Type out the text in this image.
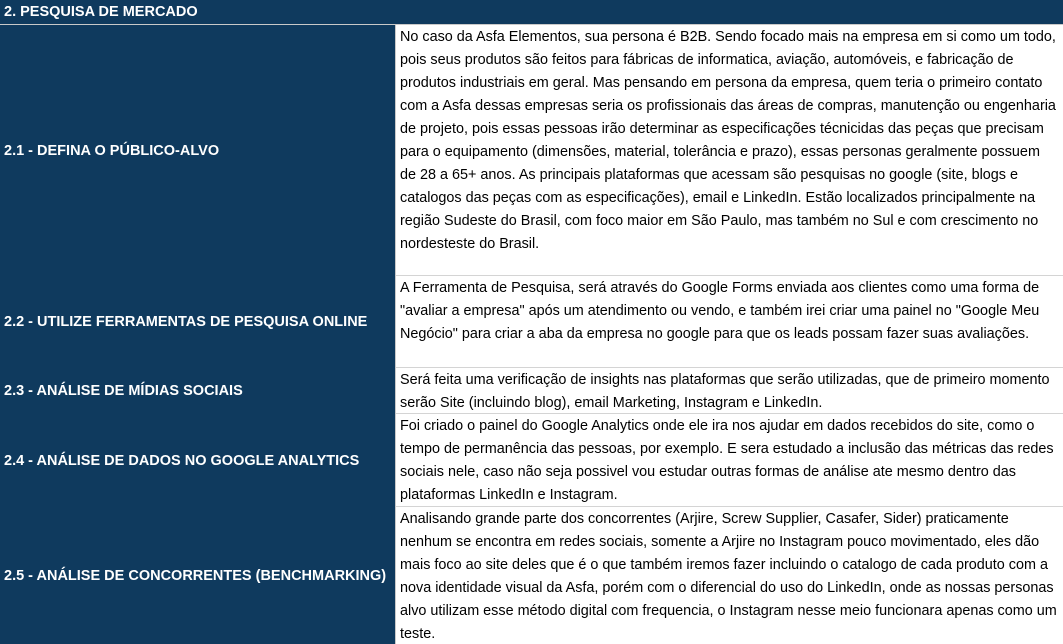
2. PESQUISA DE MERCADO
2.1 - DEFINA O PÚBLICO-ALVO
No caso da Asfa Elementos, sua persona é B2B. Sendo focado mais na empresa em si como um todo, pois seus produtos são feitos para fábricas de informatica, aviação, automóveis, e fabricação de produtos industriais em geral. Mas pensando em persona da empresa, quem teria o primeiro contato com a Asfa dessas empresas seria os profissionais das áreas de compras, manutenção ou engenharia de projeto, pois essas pessoas irão determinar as especificações técnicidas das peças que precisam para o equipamento (dimensões, material, tolerância e prazo), essas personas geralmente possuem de 28 a 65+ anos. As principais plataformas que acessam são pesquisas no google (site, blogs e catalogos das peças com as especificações), email e LinkedIn. Estão localizados principalmente na região Sudeste do Brasil, com foco maior em São Paulo, mas também no Sul e com crescimento no nordesteste do Brasil.
2.2 - UTILIZE FERRAMENTAS DE PESQUISA ONLINE
A Ferramenta de Pesquisa, será através do Google Forms enviada aos clientes como uma forma de "avaliar a empresa" após um atendimento ou vendo, e também irei criar uma painel no "Google Meu Negócio" para criar a aba da empresa no google para que os leads possam fazer suas avaliações.
2.3 - ANÁLISE DE MÍDIAS SOCIAIS
Será feita uma verificação de insights nas plataformas que serão utilizadas, que de primeiro momento serão Site (incluindo blog), email Marketing, Instagram e LinkedIn.
2.4 - ANÁLISE DE DADOS NO GOOGLE ANALYTICS
Foi criado o painel do Google Analytics onde ele ira nos ajudar em dados recebidos do site, como o tempo de permanência das pessoas, por exemplo. E sera estudado a inclusão das métricas das redes sociais nele, caso não seja possivel vou estudar outras formas de análise ate mesmo dentro das plataformas LinkedIn e Instagram.
2.5 - ANÁLISE DE CONCORRENTES (BENCHMARKING)
Analisando grande parte dos concorrentes (Arjire, Screw Supplier, Casafer, Sider) praticamente nenhum se encontra em redes sociais, somente a Arjire no Instagram pouco movimentado, eles dão mais foco ao site deles que é o que também iremos fazer incluindo o catalogo de cada produto com a nova identidade visual da Asfa, porém com o diferencial do uso do LinkedIn, onde as nossas personas alvo utilizam esse método digital com frequencia, o Instagram nesse meio funcionara apenas como um teste.
